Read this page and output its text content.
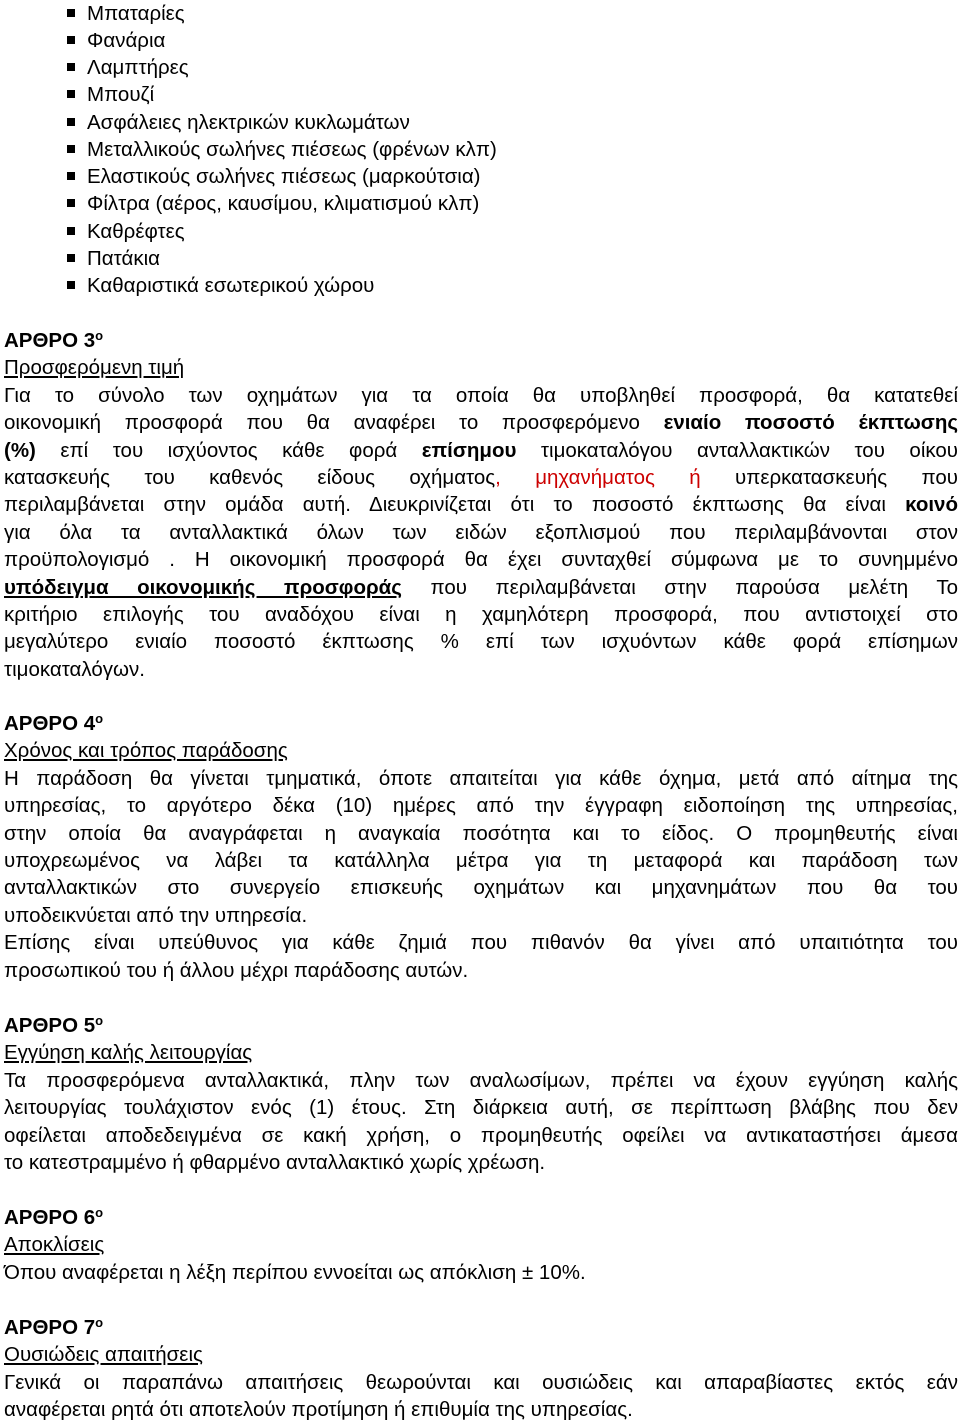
Μπαταρίες
Φανάρια
Λαμπτήρες
Μπουζί
Ασφάλειες ηλεκτρικών κυκλωμάτων
Μεταλλικούς σωλήνες πιέσεως (φρένων κλπ)
Ελαστικούς σωλήνες πιέσεως (μαρκούτσια)
Φίλτρα (αέρος, καυσίμου, κλιματισμού κλπ)
Καθρέφτες
Πατάκια
Καθαριστικά εσωτερικού χώρου
ΑΡΘΡΟ $3^o$
Προσφερόμενη τιμή
Για το σύνολο των οχημάτων για τα οποία θα υποβληθεί προσφορά, θα κατατεθεί
οικονομική προσφορά που θα αναφέρει το προσφερόμενο ενιαίο ποσοστό έκπτωσης
(%) επί του ισχύοντος κάθε φορά επίσημου τιμοκαταλόγου ανταλλακτικών του οίκου
κατασκευής του καθενός είδους οχήματος, μηχανήματος ή υπερκατασκευής που
περιλαμβάνεται στην ομάδα αυτή. Διευκρινίζεται ότι το ποσοστό έκπτωσης θα είναι κοινό
για όλα τα ανταλλακτικά όλων των ειδών εξοπλισμού που περιλαμβάνονται στον
προϋπολογισμό . Η οικονομική προσφορά θα έχει συνταχθεί σύμφωνα με το συνημμένο
υπόδειγμα οικονομικής προσφοράς που περιλαμβάνεται στην παρούσα μελέτη Το
κριτήριο επιλογής του αναδόχου είναι η χαμηλότερη προσφορά, που αντιστοιχεί στο
μεγαλύτερο ενιαίο ποσοστό έκπτωσης % επί των ισχυόντων κάθε φορά επίσημων
τιμοκαταλόγων.
ΑΡΘΡΟ $4^o$
Χρόνος και τρόπος παράδοσης
Η παράδοση θα γίνεται τμηματικά, όποτε απαιτείται για κάθε όχημα, μετά από αίτημα της
υπηρεσίας, το αργότερο δέκα (10) ημέρες από την έγγραφη ειδοποίηση της υπηρεσίας,
στην οποία θα αναγράφεται η αναγκαία ποσότητα και το είδος. Ο προμηθευτής είναι
υποχρεωμένος να λάβει τα κατάλληλα μέτρα για τη μεταφορά και παράδοση των
ανταλλακτικών στο συνεργείο επισκευής οχημάτων και μηχανημάτων που θα του
υποδεικνύεται από την υπηρεσία.
Επίσης είναι υπεύθυνος για κάθε ζημιά που πιθανόν θα γίνει από υπαιτιότητα του
προσωπικού του ή άλλου μέχρι παράδοσης αυτών.
ΑΡΘΡΟ $5^o$
Εγγύηση καλής λειτουργίας
Τα προσφερόμενα ανταλλακτικά, πλην των αναλωσίμων, πρέπει να έχουν εγγύηση καλής
λειτουργίας τουλάχιστον ενός (1) έτους. Στη διάρκεια αυτή, σε περίπτωση βλάβης που δεν
οφείλεται αποδεδειγμένα σε κακή χρήση, ο προμηθευτής οφείλει να αντικαταστήσει άμεσα
το κατεστραμμένο ή φθαρμένο ανταλλακτικό χωρίς χρέωση.
ΑΡΘΡΟ $6^o$
Αποκλίσεις
Όπου αναφέρεται η λέξη περίπου εννοείται ως απόκλιση ± 10%.
ΑΡΘΡΟ $7^o$
Ουσιώδεις απαιτήσεις
Γενικά οι παραπάνω απαιτήσεις θεωρούνται και ουσιώδεις και απαραβίαστες εκτός εάν
αναφέρεται ρητά ότι αποτελούν προτίμηση ή επιθυμία της υπηρεσίας.
